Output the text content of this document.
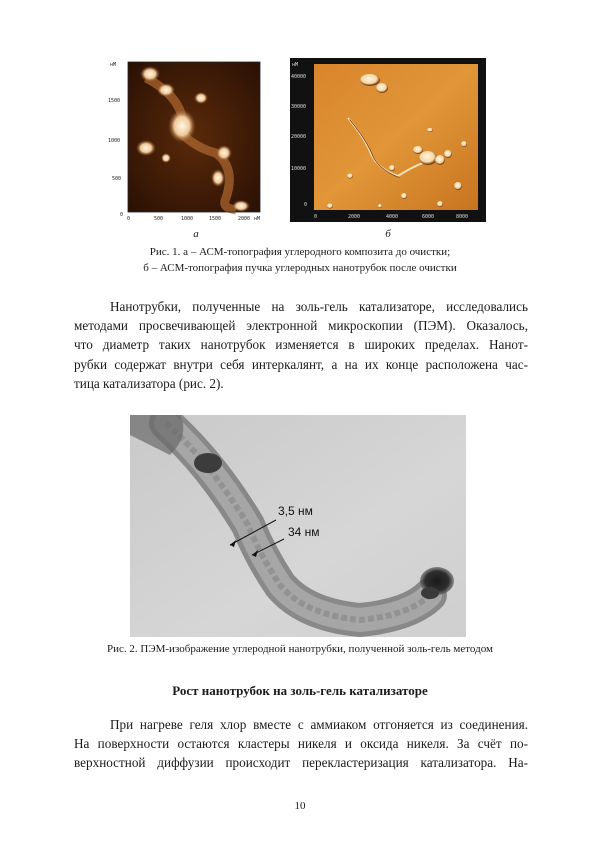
нМ
1500
1000
500
0
0	500	1000	1500	2000 нМ
нМ
40000
30000
20000
10000
0
0	2000	4000	6000	8000
а	б
Рис. 1. а – АСМ-топография углеродного композита до очистки;
б – АСМ-топография пучка углеродных нанотрубок после очистки
Нанотрубки, полученные на золь-гель катализаторе, исследовались
методами просвечивающей электронной микроскопии (ПЭМ). Оказалось,
что диаметр таких нанотрубок изменяется в широких пределах. Нанот-
рубки содержат внутри себя интеркалянт, а на их конце расположена час-
тица катализатора (рис. 2).
3,5 нм
34 нм
Рис. 2. ПЭМ-изображение углеродной нанотрубки, полученной золь-гель методом
Рост нанотрубок на золь-гель катализаторе
При нагреве геля хлор вместе с аммиаком отгоняется из соединения.
На поверхности остаются кластеры никеля и оксида никеля. За счёт по-
верхностной диффузии происходит перекластеризация катализатора. На-
10
